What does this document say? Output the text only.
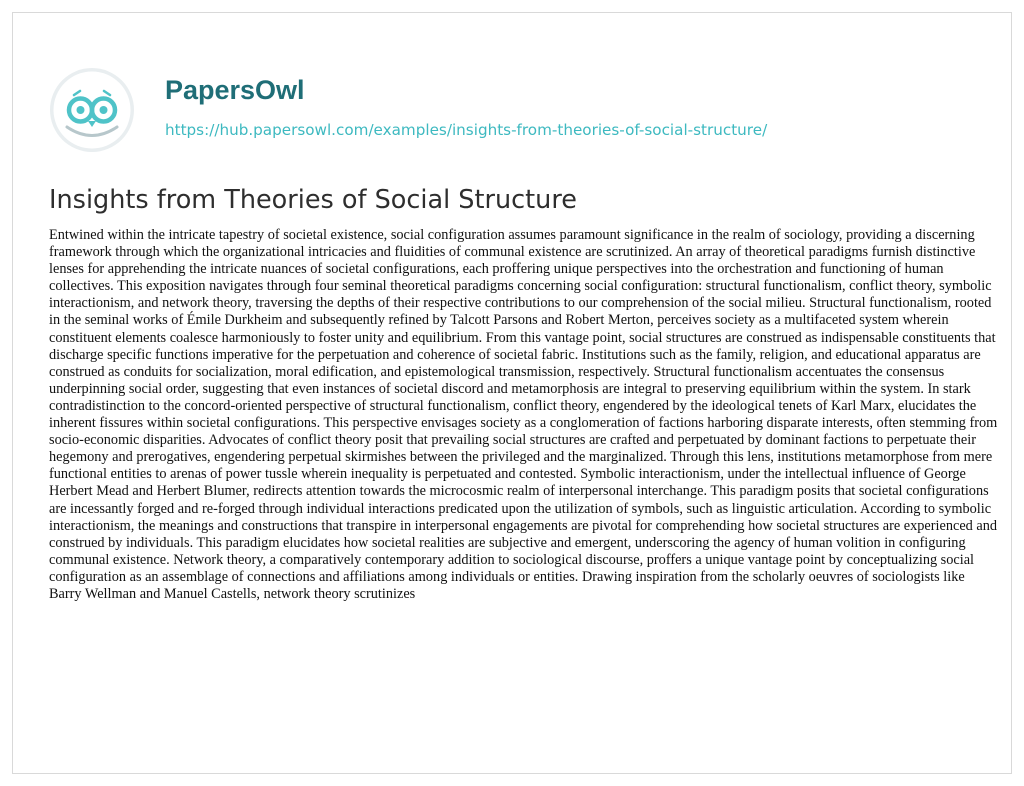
PapersOwl
https://hub.papersowl.com/examples/insights-from-theories-of-social-structure/
Insights from Theories of Social Structure

Entwined within the intricate tapestry of societal existence, social configuration assumes paramount significance in the realm of sociology, providing a discerning framework through which the organizational intricacies and fluidities of communal existence are scrutinized. An array of theoretical paradigms furnish distinctive lenses for apprehending the intricate nuances of societal configurations, each proffering unique perspectives into the orchestration and functioning of human collectives. This exposition navigates through four seminal theoretical paradigms concerning social configuration: structural functionalism, conflict theory, symbolic interactionism, and network theory, traversing the depths of their respective contributions to our comprehension of the social milieu. Structural functionalism, rooted in the seminal works of Émile Durkheim and subsequently refined by Talcott Parsons and Robert Merton, perceives society as a multifaceted system wherein constituent elements coalesce harmoniously to foster unity and equilibrium. From this vantage point, social structures are construed as indispensable constituents that discharge specific functions imperative for the perpetuation and coherence of societal fabric. Institutions such as the family, religion, and educational apparatus are construed as conduits for socialization, moral edification, and epistemological transmission, respectively. Structural functionalism accentuates the consensus underpinning social order, suggesting that even instances of societal discord and metamorphosis are integral to preserving equilibrium within the system. In stark contradistinction to the concord-oriented perspective of structural functionalism, conflict theory, engendered by the ideological tenets of Karl Marx, elucidates the inherent fissures within societal configurations. This perspective envisages society as a conglomeration of factions harboring disparate interests, often stemming from socio-economic disparities. Advocates of conflict theory posit that prevailing social structures are crafted and perpetuated by dominant factions to perpetuate their hegemony and prerogatives, engendering perpetual skirmishes between the privileged and the marginalized. Through this lens, institutions metamorphose from mere functional entities to arenas of power tussle wherein inequality is perpetuated and contested. Symbolic interactionism, under the intellectual influence of George Herbert Mead and Herbert Blumer, redirects attention towards the microcosmic realm of interpersonal interchange. This paradigm posits that societal configurations are incessantly forged and re-forged through individual interactions predicated upon the utilization of symbols, such as linguistic articulation. According to symbolic interactionism, the meanings and constructions that transpire in interpersonal engagements are pivotal for comprehending how societal structures are experienced and construed by individuals. This paradigm elucidates how societal realities are subjective and emergent, underscoring the agency of human volition in configuring communal existence. Network theory, a comparatively contemporary addition to sociological discourse, proffers a unique vantage point by conceptualizing social configuration as an assemblage of connections and affiliations among individuals or entities. Drawing inspiration from the scholarly oeuvres of sociologists like Barry Wellman and Manuel Castells, network theory scrutinizes
